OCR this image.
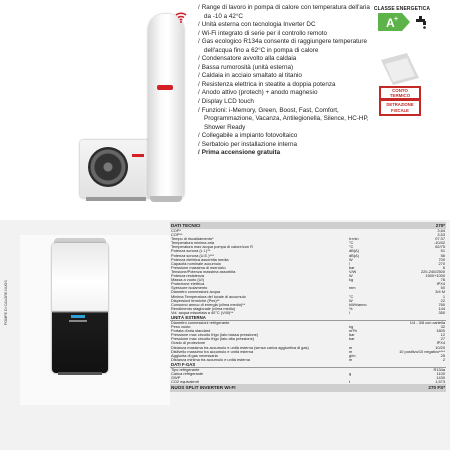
/ Range di lavoro in pompa di calore con temperatura dell'aria da -10 a 42°C
/ Unità esterna con tecnologia Inverter DC
/ Wi-Fi integrato di serie per il controllo remoto
/ Gas ecologico R134a consente di raggiungere temperature dell'acqua fino a 62°C in pompa di calore
/ Condensatore avvolto alla caldaia
/ Bassa rumorosità (unità esterna)
/ Caldaia in acciaio smaltato al titanio
/ Resistenza elettrica in steatite a doppia potenza
/ Anodo attivo (protech) + anodo magnesio
/ Display LCD touch
/ Funzioni: i-Memory, Green, Boost, Fast, Comfort, Programmazione, Vacanza, Antilegionella, Silence, HC-HP, Shower Ready
/ Collegabile a impianto fotovoltaico
/ Serbatoio per installazione interna
/ Prima accensione gratuita
CLASSE ENERGETICA
A +
CONTO
TERMICO
DETRAZIONE
FISCALE
POMPE DI CALORE NUOS
DATI TECNICI		270*
COP*		3,64
COP**		3,53
Tempo di riscaldamento*	h:min	07:37
Temperatura minima aria	°C	-10/42
Temperatura max acqua pompa di calore/con R	°C	62/75
Potenza sonora (L.I.)**	dB(A)	51
Potenza sonora (U.E.)***	dB(A)	56
Potenza elettrica assorbita media	W	700
Capacità nominale accumulo	l	270
Pressione massima di esercizio	bar	6
Tensione/Potenza massima assorbita	V/W	220-240/2500
Potenza resistenza	W	1500+1000
Massa a vuoto (UI)	kg	76
Protezione elettrica		IPX4
Spessore isolamento	mm	50
Diametro connessioni acqua		3/4 M
Minima Temperatura del locale di accumulo	°C	1
Dispersioni termiche (Pes)**	W	22
Consumo annuo di energia (clima medio)**	kWh/anno	760
Rendimento stagionale (clima medio)	%	144
Vol. acqua miscelata a 40°C (V40)**	l	350
UNITÀ ESTERNA		
Diametro connessioni refrigerante		1/4 - 3/8 con cartella
Peso vuoto	kg	32
Portata d'aria standard	m³/h	1800
Pressione max circuito frigo (lato bassa pressione)	bar	12
Pressione max circuito frigo (lato alta pressione)	bar	27
Grado di protezione		IPX4
Distanza massima tra accumulo e unità esterna (senza carica aggiuntiva di gas)	m	10/20
Dislivello massimo tra accumulo e unità esterna	m	10 positivo/10 negativo****
Aggiunta di gas necessaria	g/m	25
Distanza minima tra accumulo e unità esterna	m	2
DATI F-GAS		
Tipo refrigerante		R134a
Carica refrigerante	g	1100
GWP		1430
CO2 equivalenti	t	1,573
NUOS SPLIT INVERTER WI-FI		270 FS*
